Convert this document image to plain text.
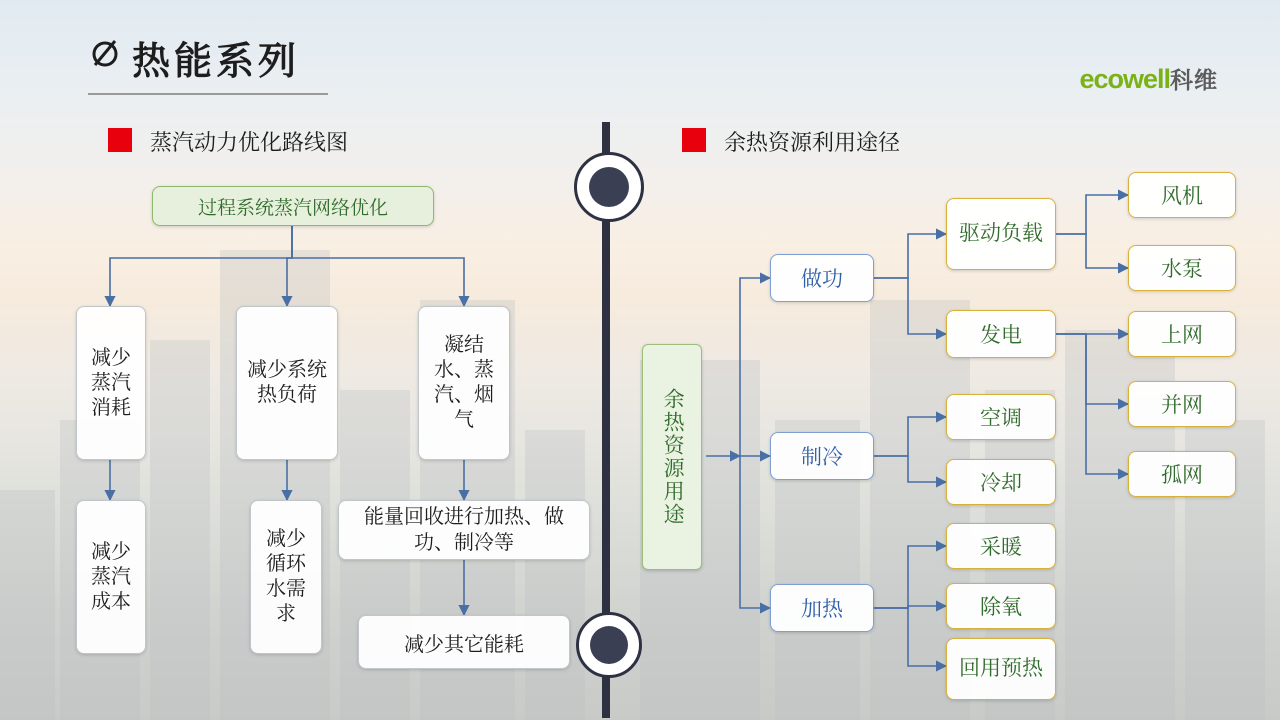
热能系列	ecowell科维
蒸汽动力优化路线图	余热资源利用途径
余热资源用途
过程系统蒸汽网络优化
减少蒸汽消耗
减少系统热负荷
凝结水、蒸汽、烟气
减少蒸汽成本
减少循环水需求
能量回收进行加热、做功、制冷等
减少其它能耗
做功
制冷
加热
驱动负载
发电
风机
水泵
上网
并网
孤网
空调
冷却
采暖
除氧
回用预热
